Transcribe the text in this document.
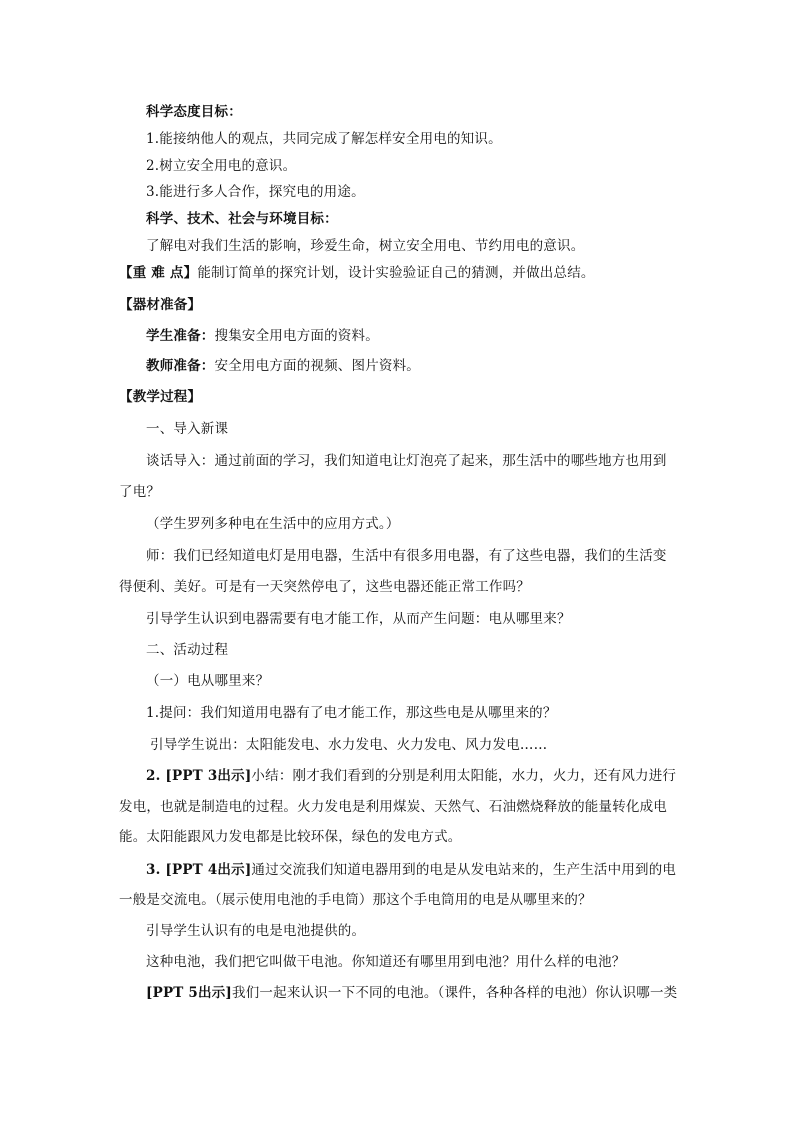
科学态度目标：
1.能接纳他人的观点，共同完成了解怎样安全用电的知识。
2.树立安全用电的意识。
3.能进行多人合作，探究电的用途。
科学、技术、社会与环境目标：
了解电对我们生活的影响，珍爱生命，树立安全用电、节约用电的意识。
【重 难 点】能制订简单的探究计划，设计实验验证自己的猜测，并做出总结。
【器材准备】
学生准备：搜集安全用电方面的资料。
教师准备：安全用电方面的视频、图片资料。
【教学过程】
一、导入新课
谈话导入：通过前面的学习，我们知道电让灯泡亮了起来，那生活中的哪些地方也用到
了电？
（学生罗列多种电在生活中的应用方式。）
师：我们已经知道电灯是用电器，生活中有很多用电器，有了这些电器，我们的生活变
得便利、美好。可是有一天突然停电了，这些电器还能正常工作吗？
引导学生认识到电器需要有电才能工作，从而产生问题：电从哪里来？
二、活动过程
（一）电从哪里来？
1.提问：我们知道用电器有了电才能工作，那这些电是从哪里来的？
引导学生说出：太阳能发电、水力发电、火力发电、风力发电……
2. [PPT 3出示]小结：刚才我们看到的分别是利用太阳能，水力，火力，还有风力进行
发电，也就是制造电的过程。火力发电是利用煤炭、天然气、石油燃烧释放的能量转化成电
能。太阳能跟风力发电都是比较环保，绿色的发电方式。
3. [PPT 4出示]通过交流我们知道电器用到的电是从发电站来的，生产生活中用到的电
一般是交流电。（展示使用电池的手电筒）那这个手电筒用的电是从哪里来的？
引导学生认识有的电是电池提供的。
这种电池，我们把它叫做干电池。你知道还有哪里用到电池？用什么样的电池？
[PPT 5出示]我们一起来认识一下不同的电池。（课件，各种各样的电池）你认识哪一类
